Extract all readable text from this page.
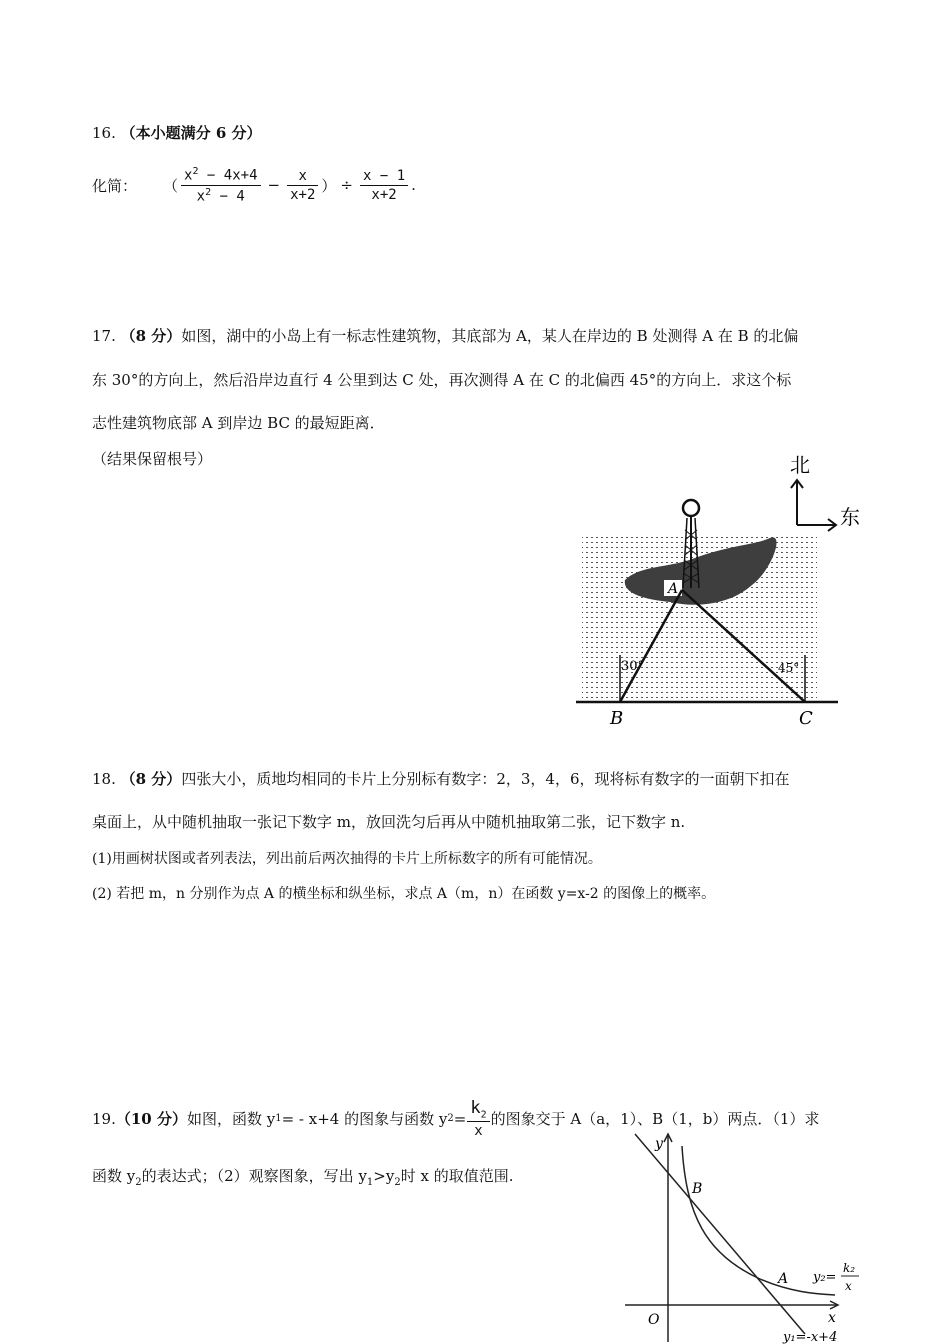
16. （本小题满分 6 分）
化简： （ $\frac{x^2 - 4x+4}{x^2 - 4} - \frac{x}{x+2}$ ） ÷ $\frac{x - 1}{x+2}$ .
17. （8 分）如图，湖中的小岛上有一标志性建筑物，其底部为 A，某人在岸边的 B 处测得 A 在 B 的北偏
东 30°的方向上，然后沿岸边直行 4 公里到达 C 处，再次测得 A 在 C 的北偏西 45°的方向上．求这个标
志性建筑物底部 A 到岸边 BC 的最短距离．
（结果保留根号）	北
东
A
B	C
30°	45°
18. （8 分）四张大小，质地均相同的卡片上分别标有数字：2，3，4，6，现将标有数字的一面朝下扣在
桌面上，从中随机抽取一张记下数字 m，放回洗匀后再从中随机抽取第二张，记下数字 n.
(1)用画树状图或者列表法，列出前后两次抽得的卡片上所标数字的所有可能情况。
(2) 若把 m，n 分别作为点 A 的横坐标和纵坐标，求点 A（m，n）在函数 y=x-2 的图像上的概率。
19. （10 分） 如图，函数 y 1 = - x+4 的图象与函数 y $2 = \frac{k_2}{x}$ 的图象交于 A（a，1）、B（1，b）两点．（1）求
函数 $y_2$的表达式；（2）观察图象，写出 $y_1>y_2$时 x 的取值范围.
y
x
O
B
A y₂=
k₂
x
y₁=-x+4
